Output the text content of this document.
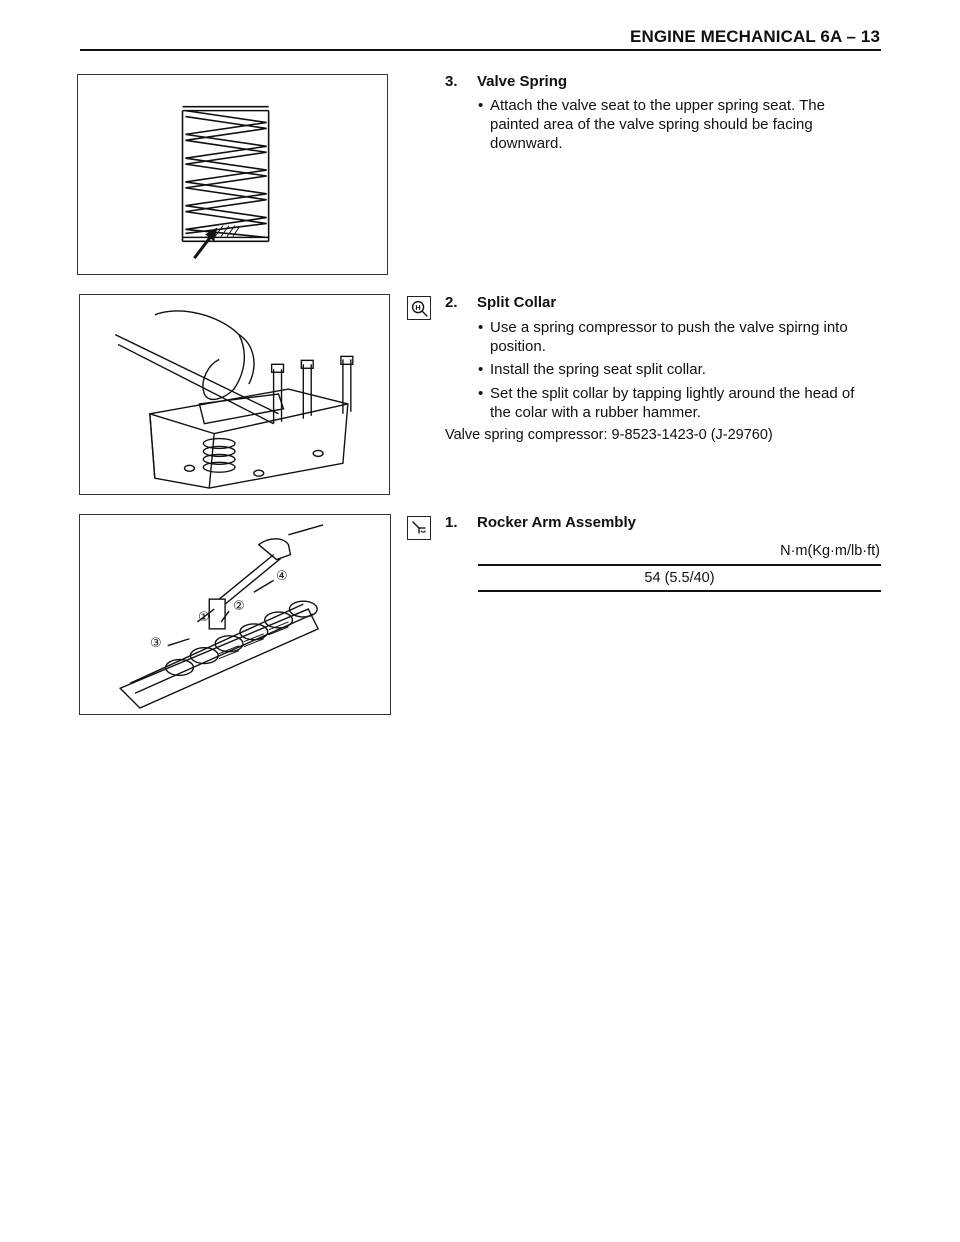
ENGINE MECHANICAL 6A – 13
3. Valve Spring
• Attach the valve seat to the upper spring seat. The painted area of the valve spring should be facing downward.
H 2. Split Collar
• Use a spring compressor to push the valve spirng into position.
• Install the spring seat split collar.
• Set the split collar by tapping lightly around the head of the colar with a rubber hammer.
Valve spring compressor: 9-8523-1423-0 (J-29760)
①
②
③
④
1. Rocker Arm Assembly
N·m(Kg·m/lb·ft)
54 (5.5/40)
